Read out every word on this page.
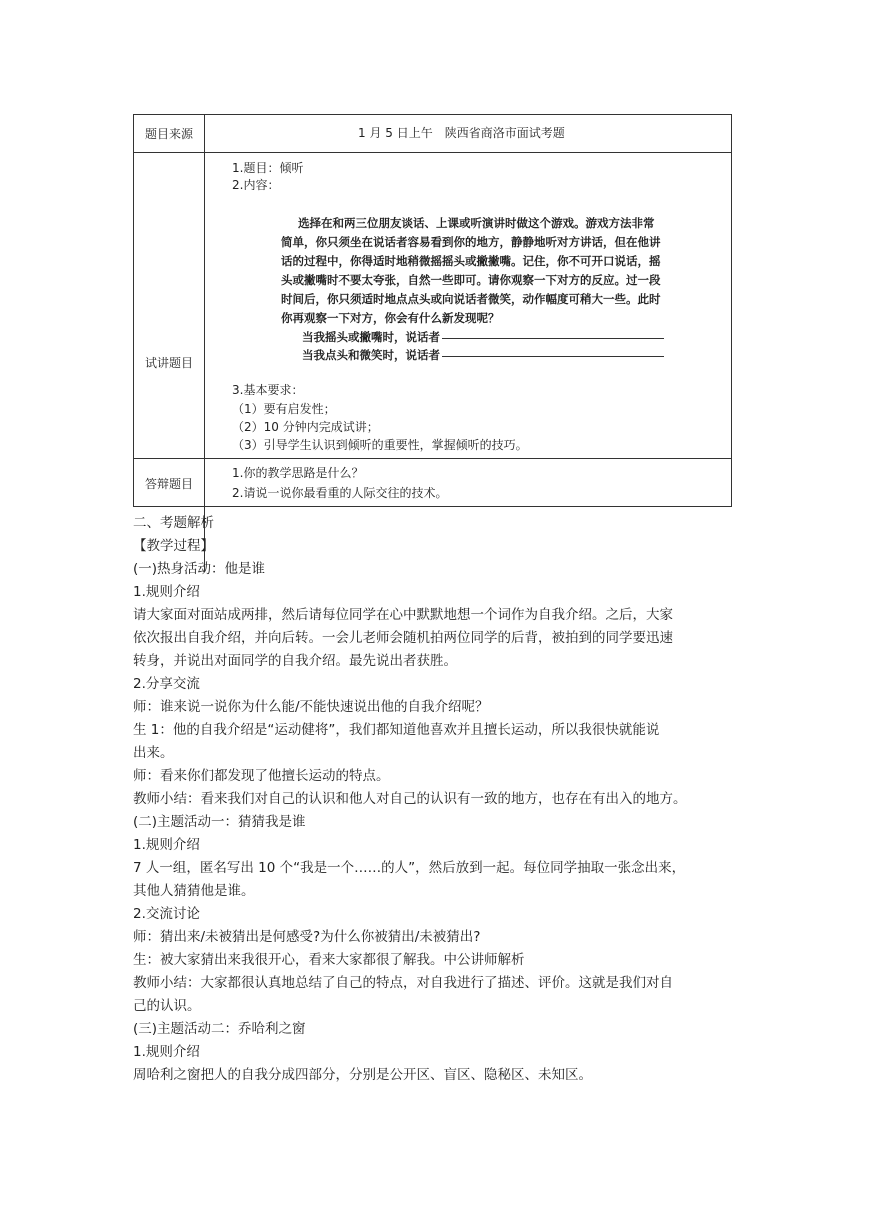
题目来源	1 月 5 日上午　陕西省商洛市面试考题
试讲题目
1.题目：倾听
2.内容：
选择在和两三位朋友谈话、上课或听演讲时做这个游戏。游戏方法非常
简单，你只须坐在说话者容易看到你的地方，静静地听对方讲话，但在他讲
话的过程中，你得适时地稍微摇摇头或撇撇嘴。记住，你不可开口说话，摇
头或撇嘴时不要太夸张，自然一些即可。请你观察一下对方的反应。过一段
时间后，你只须适时地点点头或向说话者微笑，动作幅度可稍大一些。此时
你再观察一下对方，你会有什么新发现呢？
当我摇头或撇嘴时，说话者
当我点头和微笑时，说话者
3.基本要求：
（1）要有启发性；
（2）10 分钟内完成试讲；
（3）引导学生认识到倾听的重要性，掌握倾听的技巧。
答辩题目
1.你的教学思路是什么？
2.请说一说你最看重的人际交往的技术。
二、考题解析
【教学过程】
(一)热身活动：他是谁
1.规则介绍
请大家面对面站成两排，然后请每位同学在心中默默地想一个词作为自我介绍。之后，大家
依次报出自我介绍，并向后转。一会儿老师会随机拍两位同学的后背，被拍到的同学要迅速
转身，并说出对面同学的自我介绍。最先说出者获胜。
2.分享交流
师：谁来说一说你为什么能/不能快速说出他的自我介绍呢？
生 1：他的自我介绍是“运动健将”，我们都知道他喜欢并且擅长运动，所以我很快就能说
出来。
师：看来你们都发现了他擅长运动的特点。
教师小结：看来我们对自己的认识和他人对自己的认识有一致的地方，也存在有出入的地方。
(二)主题活动一：猜猜我是谁
1.规则介绍
7 人一组，匿名写出 10 个“我是一个……的人”，然后放到一起。每位同学抽取一张念出来，
其他人猜猜他是谁。
2.交流讨论
师：猜出来/未被猜出是何感受?为什么你被猜出/未被猜出?
生：被大家猜出来我很开心，看来大家都很了解我。中公讲师解析
教师小结：大家都很认真地总结了自己的特点，对自我进行了描述、评价。这就是我们对自
己的认识。
(三)主题活动二：乔哈利之窗
1.规则介绍
周哈利之窗把人的自我分成四部分，分别是公开区、盲区、隐秘区、未知区。
